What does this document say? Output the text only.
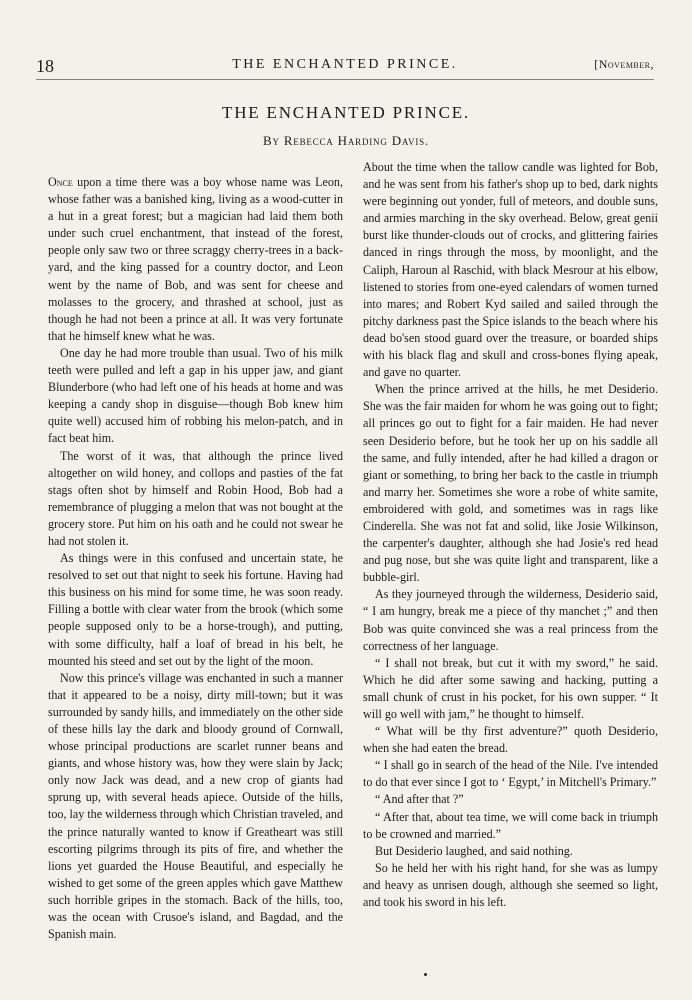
18	THE ENCHANTED PRINCE.	[November,
THE ENCHANTED PRINCE.
By Rebecca Harding Davis.

Once upon a time there was a boy whose name was Leon, whose father was a banished king, living as a wood-cutter in a hut in a great forest; but a magician had laid them both under such cruel enchantment, that instead of the forest, people only saw two or three scraggy cherry-trees in a back-yard, and the king passed for a country doctor, and Leon went by the name of Bob, and was sent for cheese and molasses to the grocery, and thrashed at school, just as though he had not been a prince at all. It was very fortunate that he himself knew what he was.

One day he had more trouble than usual. Two of his milk teeth were pulled and left a gap in his upper jaw, and giant Blunderbore (who had left one of his heads at home and was keeping a candy shop in disguise—though Bob knew him quite well) accused him of robbing his melon-patch, and in fact beat him.

The worst of it was, that although the prince lived altogether on wild honey, and collops and pasties of the fat stags often shot by himself and Robin Hood, Bob had a remembrance of plugging a melon that was not bought at the grocery store. Put him on his oath and he could not swear he had not stolen it.

As things were in this confused and uncertain state, he resolved to set out that night to seek his fortune. Having had this business on his mind for some time, he was soon ready. Filling a bottle with clear water from the brook (which some people supposed only to be a horse-trough), and putting, with some difficulty, half a loaf of bread in his belt, he mounted his steed and set out by the light of the moon.

Now this prince's village was enchanted in such a manner that it appeared to be a noisy, dirty mill-town; but it was surrounded by sandy hills, and immediately on the other side of these hills lay the dark and bloody ground of Cornwall, whose principal productions are scarlet runner beans and giants, and whose history was, how they were slain by Jack; only now Jack was dead, and a new crop of giants had sprung up, with several heads apiece. Outside of the hills, too, lay the wilderness through which Christian traveled, and the prince naturally wanted to know if Greatheart was still escorting pilgrims through its pits of fire, and whether the lions yet guarded the House Beautiful, and especially he wished to get some of the green apples which gave Matthew such horrible gripes in the stomach. Back of the hills, too, was the ocean with Crusoe's island, and Bagdad, and the Spanish main.

About the time when the tallow candle was lighted for Bob, and he was sent from his father's shop up to bed, dark nights were beginning out yonder, full of meteors, and double suns, and armies marching in the sky overhead. Below, great genii burst like thunder-clouds out of crocks, and glittering fairies danced in rings through the moss, by moonlight, and the Caliph, Haroun al Raschid, with black Mesrour at his elbow, listened to stories from one-eyed calendars of women turned into mares; and Robert Kyd sailed and sailed through the pitchy darkness past the Spice islands to the beach where his dead bo'sen stood guard over the treasure, or boarded ships with his black flag and skull and cross-bones flying apeak, and gave no quarter.

When the prince arrived at the hills, he met Desiderio. She was the fair maiden for whom he was going out to fight; all princes go out to fight for a fair maiden. He had never seen Desiderio before, but he took her up on his saddle all the same, and fully intended, after he had killed a dragon or giant or something, to bring her back to the castle in triumph and marry her. Sometimes she wore a robe of white samite, embroidered with gold, and sometimes was in rags like Cinderella. She was not fat and solid, like Josie Wilkinson, the carpenter's daughter, although she had Josie's red head and pug nose, but she was quite light and transparent, like a bubble-girl.

As they journeyed through the wilderness, Desiderio said, “ I am hungry, break me a piece of thy manchet ;” and then Bob was quite convinced she was a real princess from the correctness of her language.

“ I shall not break, but cut it with my sword,” he said. Which he did after some sawing and hacking, putting a small chunk of crust in his pocket, for his own supper. “ It will go well with jam,” he thought to himself.

“ What will be thy first adventure?” quoth Desiderio, when she had eaten the bread.

“ I shall go in search of the head of the Nile. I've intended to do that ever since I got to ‘ Egypt,’ in Mitchell's Primary.”

“ And after that ?”

“ After that, about tea time, we will come back in triumph to be crowned and married.”

But Desiderio laughed, and said nothing.

So he held her with his right hand, for she was as lumpy and heavy as unrisen dough, although she seemed so light, and took his sword in his left.
